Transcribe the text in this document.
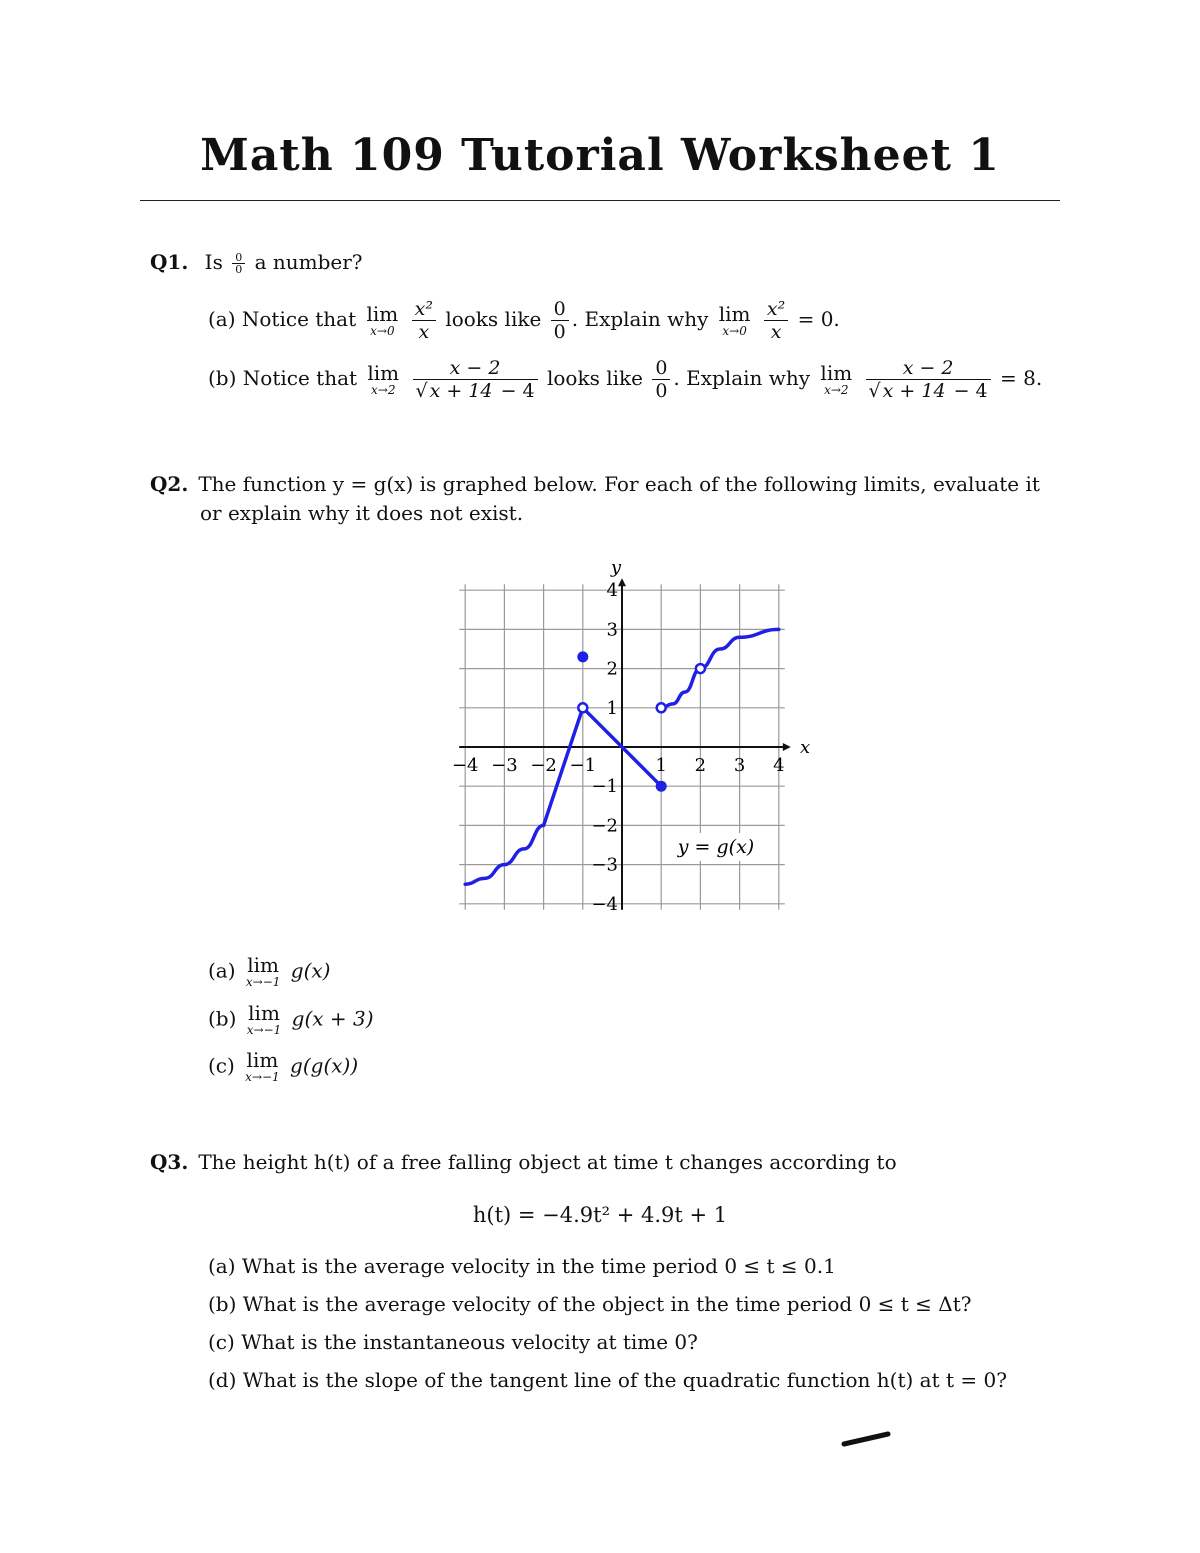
Math 109 Tutorial Worksheet 1
Q1. Is $\frac{0}{0}$ a number?
(a) Notice that lim
x→0
$\frac{\text{x²}}{x}$ looks like $\frac{0}{0}$ . Explain why lim
x→0
$\frac{\text{x²}}{x} = 0$.
(b) Notice that lim
x→2
$\frac{x - 2}{√ x + 14 - 4}$ looks like $\frac{0}{0}$ . Explain why lim
x→2
$\frac{x - 2}{√ x + 14 - 4} = 8$.
Q2. The function y = g(x) is graphed below. For each of the following limits, evaluate it
or explain why it does not exist.
−4 −3 −2 −1	1 2 3 4
4
3
2
1
−1
−2
−3
−4
y
x
y = g(x)
(a) lim
x→−1 g(x)
(b) lim
x→−1 g(x + 3)
(c) lim
x→−1 g(g(x))
Q3. The height h(t) of a free falling object at time t changes according to
h(t) = −4.9t² + 4.9t + 1
(a) What is the average velocity in the time period 0 ≤ t ≤ 0.1
(b) What is the average velocity of the object in the time period 0 ≤ t ≤ Δt?
(c) What is the instantaneous velocity at time 0?
(d) What is the slope of the tangent line of the quadratic function h(t) at t = 0?
